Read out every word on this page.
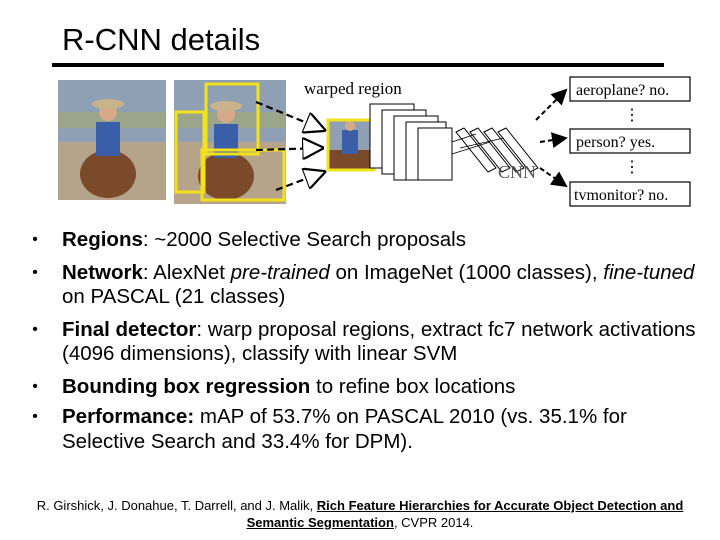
R-CNN details
warped region
CNN
aeroplane? no.
⋮
person? yes.
⋮
tvmonitor? no.
• Regions: ~2000 Selective Search proposals
• Network: AlexNet pre-trained on ImageNet (1000 classes), fine-tuned on PASCAL (21 classes)
• Final detector: warp proposal regions, extract fc7 network activations (4096 dimensions), classify with linear SVM
• Bounding box regression to refine box locations
• Performance: mAP of 53.7% on PASCAL 2010 (vs. 35.1% for Selective Search and 33.4% for DPM).
R. Girshick, J. Donahue, T. Darrell, and J. Malik, Rich Feature Hierarchies for Accurate Object Detection and Semantic Segmentation, CVPR 2014.
